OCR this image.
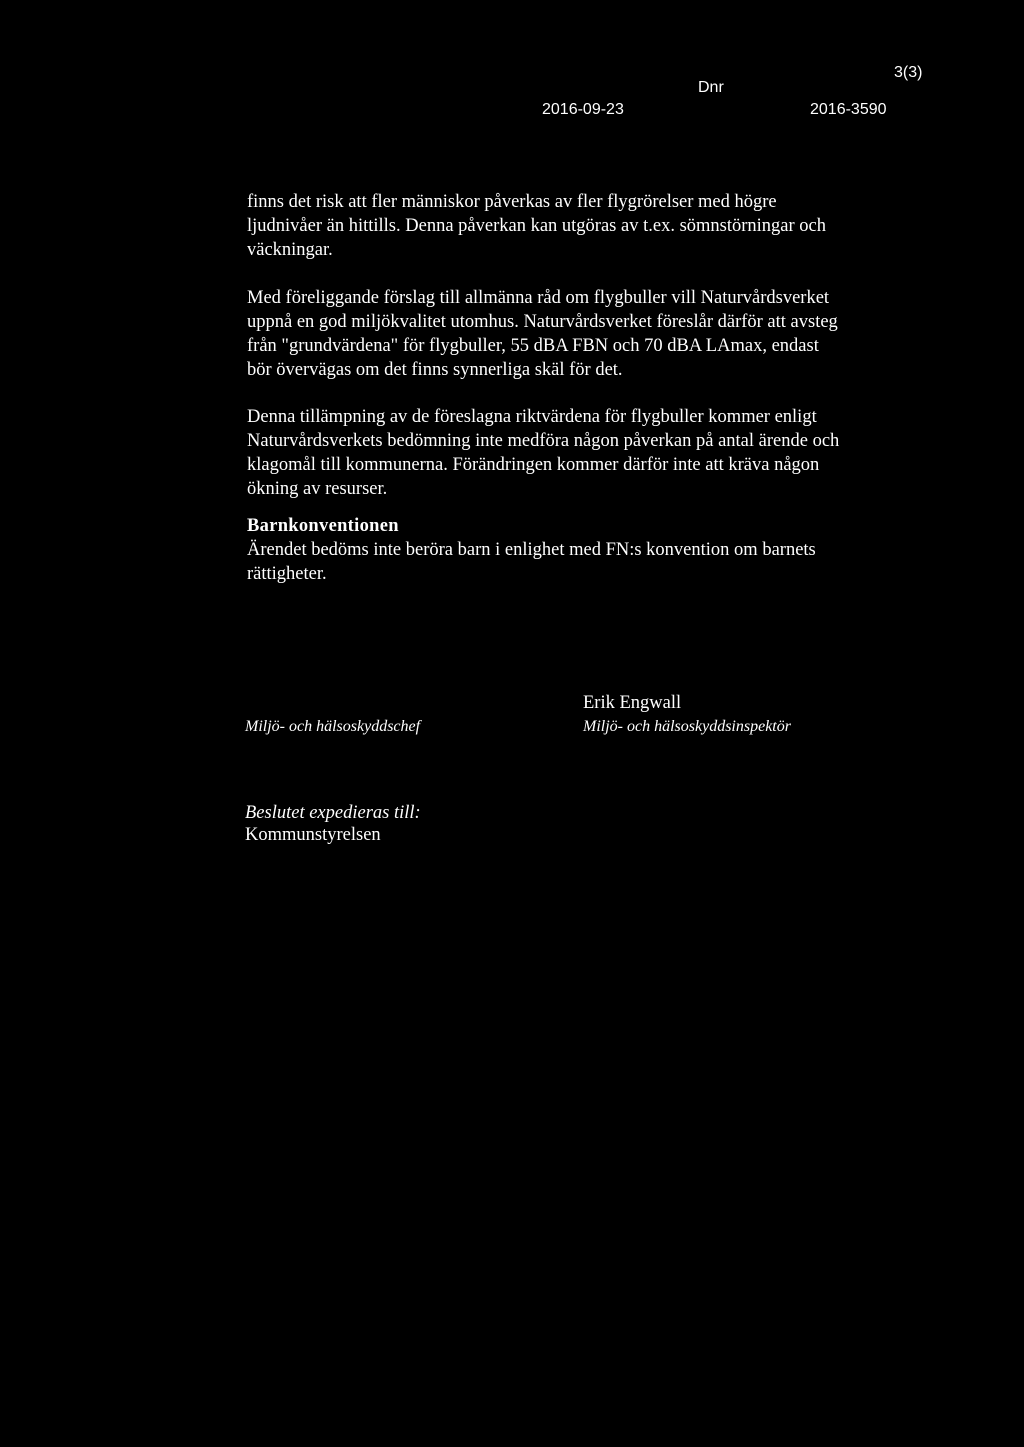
3(3)
Dnr
2016-09-23	2016-3590

finns det risk att fler människor påverkas av fler flygrörelser med högre
ljudnivåer än hittills. Denna påverkan kan utgöras av t.ex. sömnstörningar och
väckningar.

Med föreliggande förslag till allmänna råd om flygbuller vill Naturvårdsverket
uppnå en god miljökvalitet utomhus. Naturvårdsverket föreslår därför att avsteg
från "grundvärdena" för flygbuller, 55 dBA FBN och 70 dBA LAmax, endast
bör övervägas om det finns synnerliga skäl för det.

Denna tillämpning av de föreslagna riktvärdena för flygbuller kommer enligt
Naturvårdsverkets bedömning inte medföra någon påverkan på antal ärende och
klagomål till kommunerna. Förändringen kommer därför inte att kräva någon
ökning av resurser.

Barnkonventionen

Ärendet bedöms inte beröra barn i enlighet med FN:s konvention om barnets
rättigheter.

Miljö- och hälsoskyddschef
Erik Engwall
Miljö- och hälsoskyddsinspektör
Beslutet expedieras till:
Kommunstyrelsen
